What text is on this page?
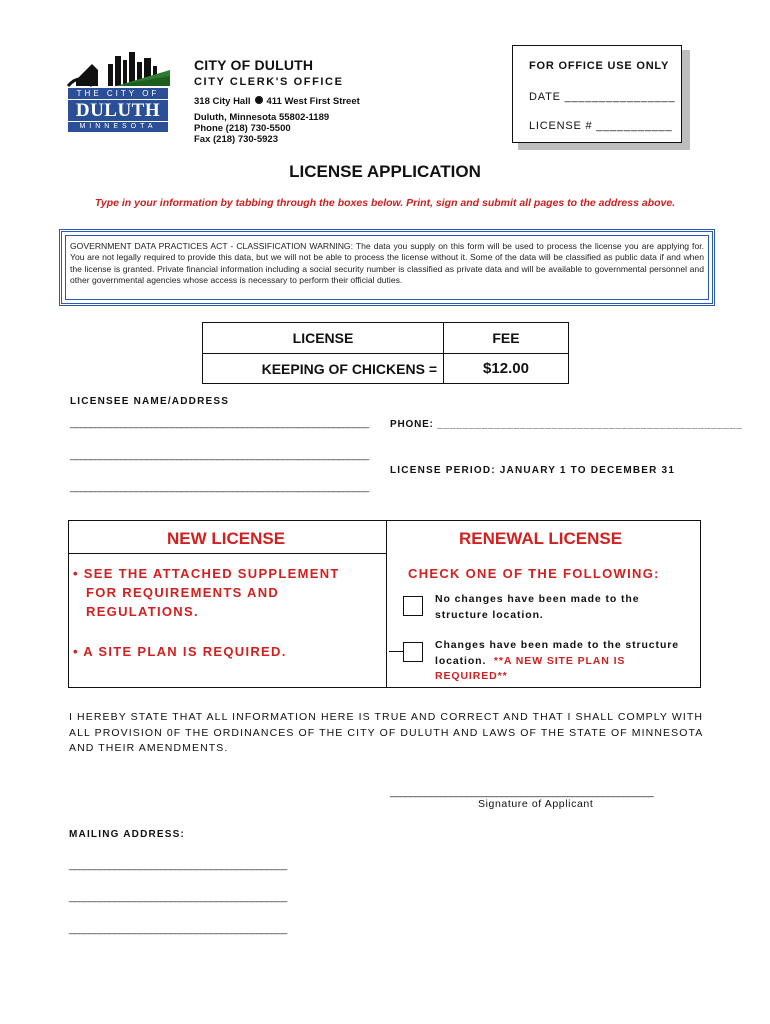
THE CITY OF
DULUTH
MINNESOTA
CITY OF DULUTH
CITY CLERK'S OFFICE
318 City Hall 411 West First Street
Duluth, Minnesota 55802-1189
Phone (218) 730-5500
Fax (218) 730-5923
FOR OFFICE USE ONLY
DATE ________________
LICENSE # ___________
LICENSE APPLICATION
Type in your information by tabbing through the boxes below. Print, sign and submit all pages to the address above.
GOVERNMENT DATA PRACTICES ACT - CLASSIFICATION WARNING: The data you supply on this form will be used to process the license you are applying for. You are not legally required to provide this data, but we will not be able to process the license without it. Some of the data will be classified as public data if and when the license is granted. Private financial information including a social security number is classified as private data and will be available to governmental personnel and other governmental agencies whose access is necessary to perform their official duties.
LICENSE	FEE
KEEPING OF CHICKENS =	$12.00
LICENSEE NAME/ADDRESS
___________________________________________________________
___________________________________________________________
___________________________________________________________
PHONE: ________________________________________________
LICENSE PERIOD: JANUARY 1 TO DECEMBER 31
NEW LICENSE	RENEWAL LICENSE
• SEE THE ATTACHED SUPPLEMENT
FOR REQUIREMENTS AND
REGULATIONS.
• A SITE PLAN IS REQUIRED.
CHECK ONE OF THE FOLLOWING:
No changes have been made to the
structure location.
Changes have been made to the structure
location. **A NEW SITE PLAN IS
REQUIRED**
I HEREBY STATE THAT ALL INFORMATION HERE IS TRUE AND CORRECT AND THAT I SHALL COMPLY WITH
ALL PROVISION 0F THE ORDINANCES OF THE CITY OF DULUTH AND LAWS OF THE STATE OF MINNESOTA
AND THEIR AMENDMENTS.
____________________________________________________
Signature of Applicant
MAILING ADDRESS:
___________________________________________
___________________________________________
___________________________________________
